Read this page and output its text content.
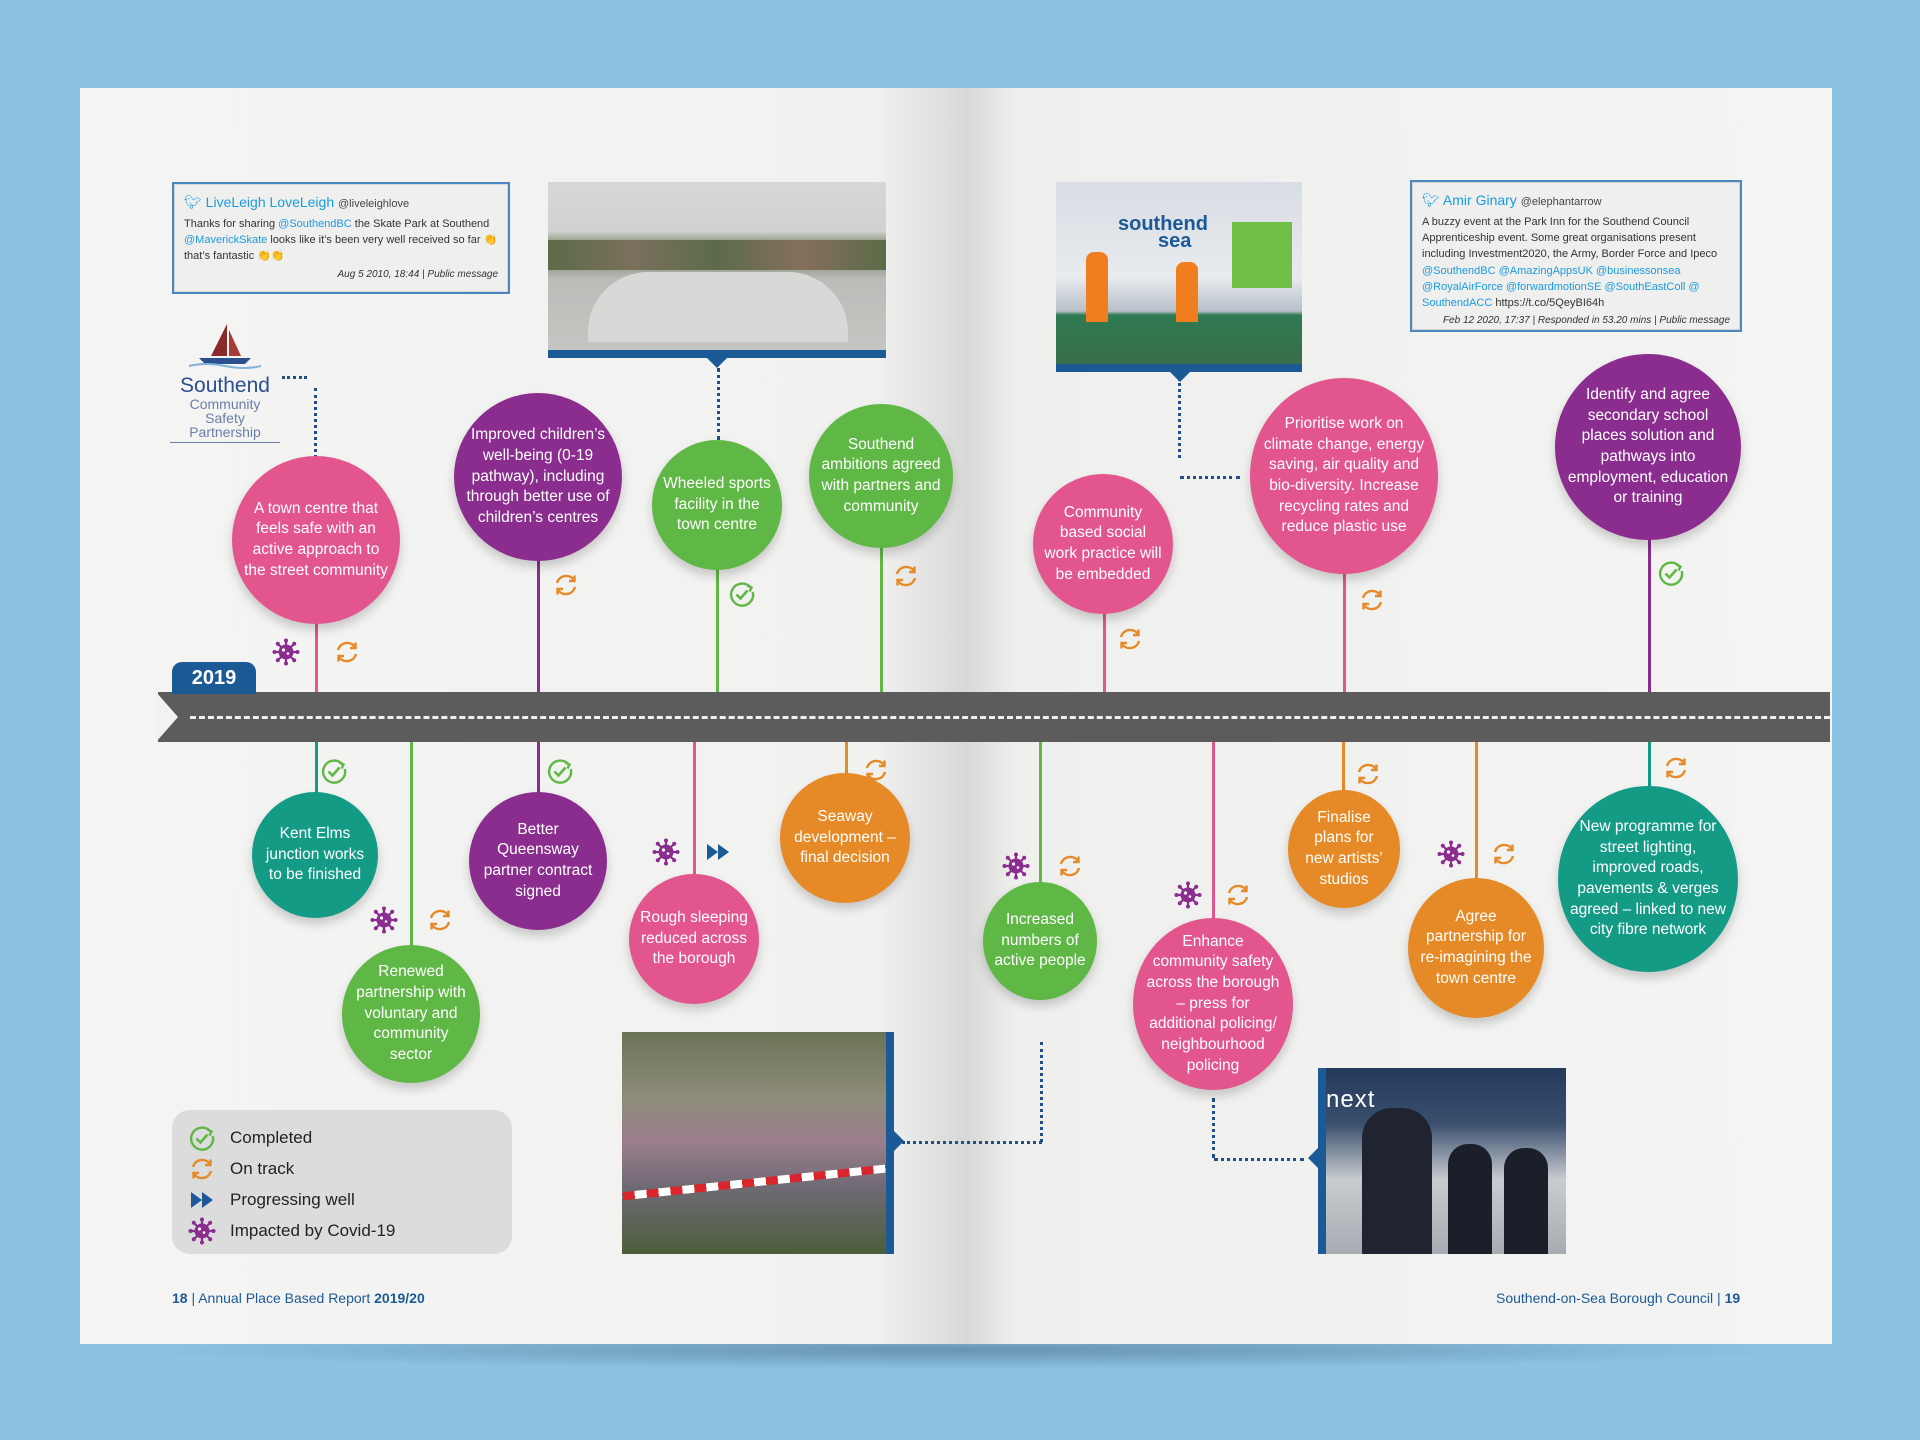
2019
A town centre that feels safe with an active approach to the street community
Improved children’s well-being (0-19 pathway), including through better use of children’s centres
Wheeled sports facility in the town centre
Southend ambitions agreed with partners and community
Kent Elms junction works to be finished
Renewed partnership with voluntary and community sector
Better Queensway partner contract signed
Rough sleeping reduced across the borough
Seaway development – final decision
Community based social work practice will be embedded
Prioritise work on climate change, energy saving, air quality and bio-diversity. Increase recycling rates and reduce plastic use
Identify and agree secondary school places solution and pathways into employment, education or training
Increased numbers of active people
Enhance community safety across the borough – press for additional policing/ neighbourhood policing
Finalise plans for new artists’ studios
Agree partnership for re-imagining the town centre
New programme for street lighting, improved roads, pavements & verges agreed – linked to new city fibre network
🐦︎ LiveLeigh LoveLeigh @liveleighlove
Thanks for sharing @SouthendBC the Skate Park at Southend @MaverickSkate looks like it’s been very well received so far 👏 that’s fantastic 👏👏
Aug 5 2010, 18:44 | Public message
🐦︎ Amir Ginary @elephantarrow
A buzzy event at the Park Inn for the Southend Council Apprenticeship event. Some great organisations present including Investment2020, the Army, Border Force and Ipeco @SouthendBC @AmazingAppsUK @businessonsea @RoyalAirForce @forwardmotionSE @SouthEastColl @ SouthendACC https://t.co/5QeyBI64h
Feb 12 2020, 17:37 | Responded in 53.20 mins | Public message
Southend
Community
Safety
Partnership
southend
sea
next
Completed
On track
Progressing well
Impacted by Covid-19
18 | Annual Place Based Report 2019/20	Southend-on-Sea Borough Council | 19
